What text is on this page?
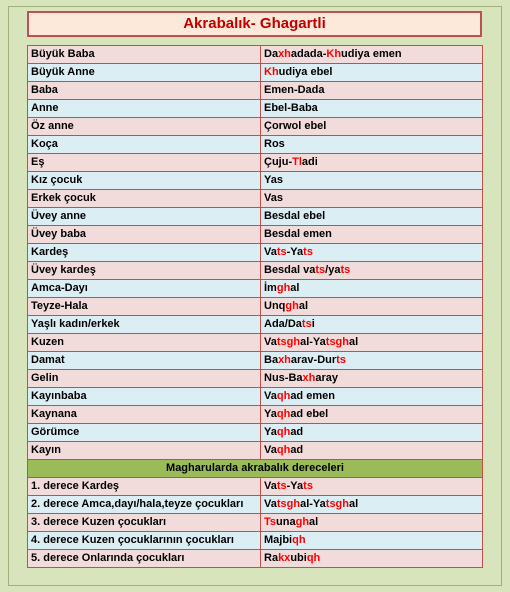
Akrabalık- Ghagartli
Büyük Baba	Daxhadada-Khudiya emen
Büyük Anne	Khudiya ebel
Baba	Emen-Dada
Anne	Ebel-Baba
Öz anne	Çorwol ebel
Koça	Ros
Eş	Çuju-Tladi
Kız çocuk	Yas
Erkek çocuk	Vas
Üvey anne	Besdal ebel
Üvey baba	Besdal emen
Kardeş	Vats-Yats
Üvey kardeş	Besdal vats/yats
Amca-Dayı	İmghal
Teyze-Hala	Unqghal
Yaşlı kadın/erkek	Ada/Datsi
Kuzen	Vatsghal-Yatsghal
Damat	Baxharav-Durts
Gelin	Nus-Baxharay
Kayınbaba	Vaqhad emen
Kaynana	Yaqhad ebel
Görümce	Yaqhad
Kayın	Vaqhad
Magharularda akrabalık dereceleri	
1. derece Kardeş	Vats-Yats
2. derece Amca,dayı/hala,teyze çocukları	Vatsghal-Yatsghal
3. derece Kuzen çocukları	Tsunaghal
4. derece Kuzen çocuklarının çocukları	Majbiqh
5. derece Onlarında çocukları	Rakxubiqh
